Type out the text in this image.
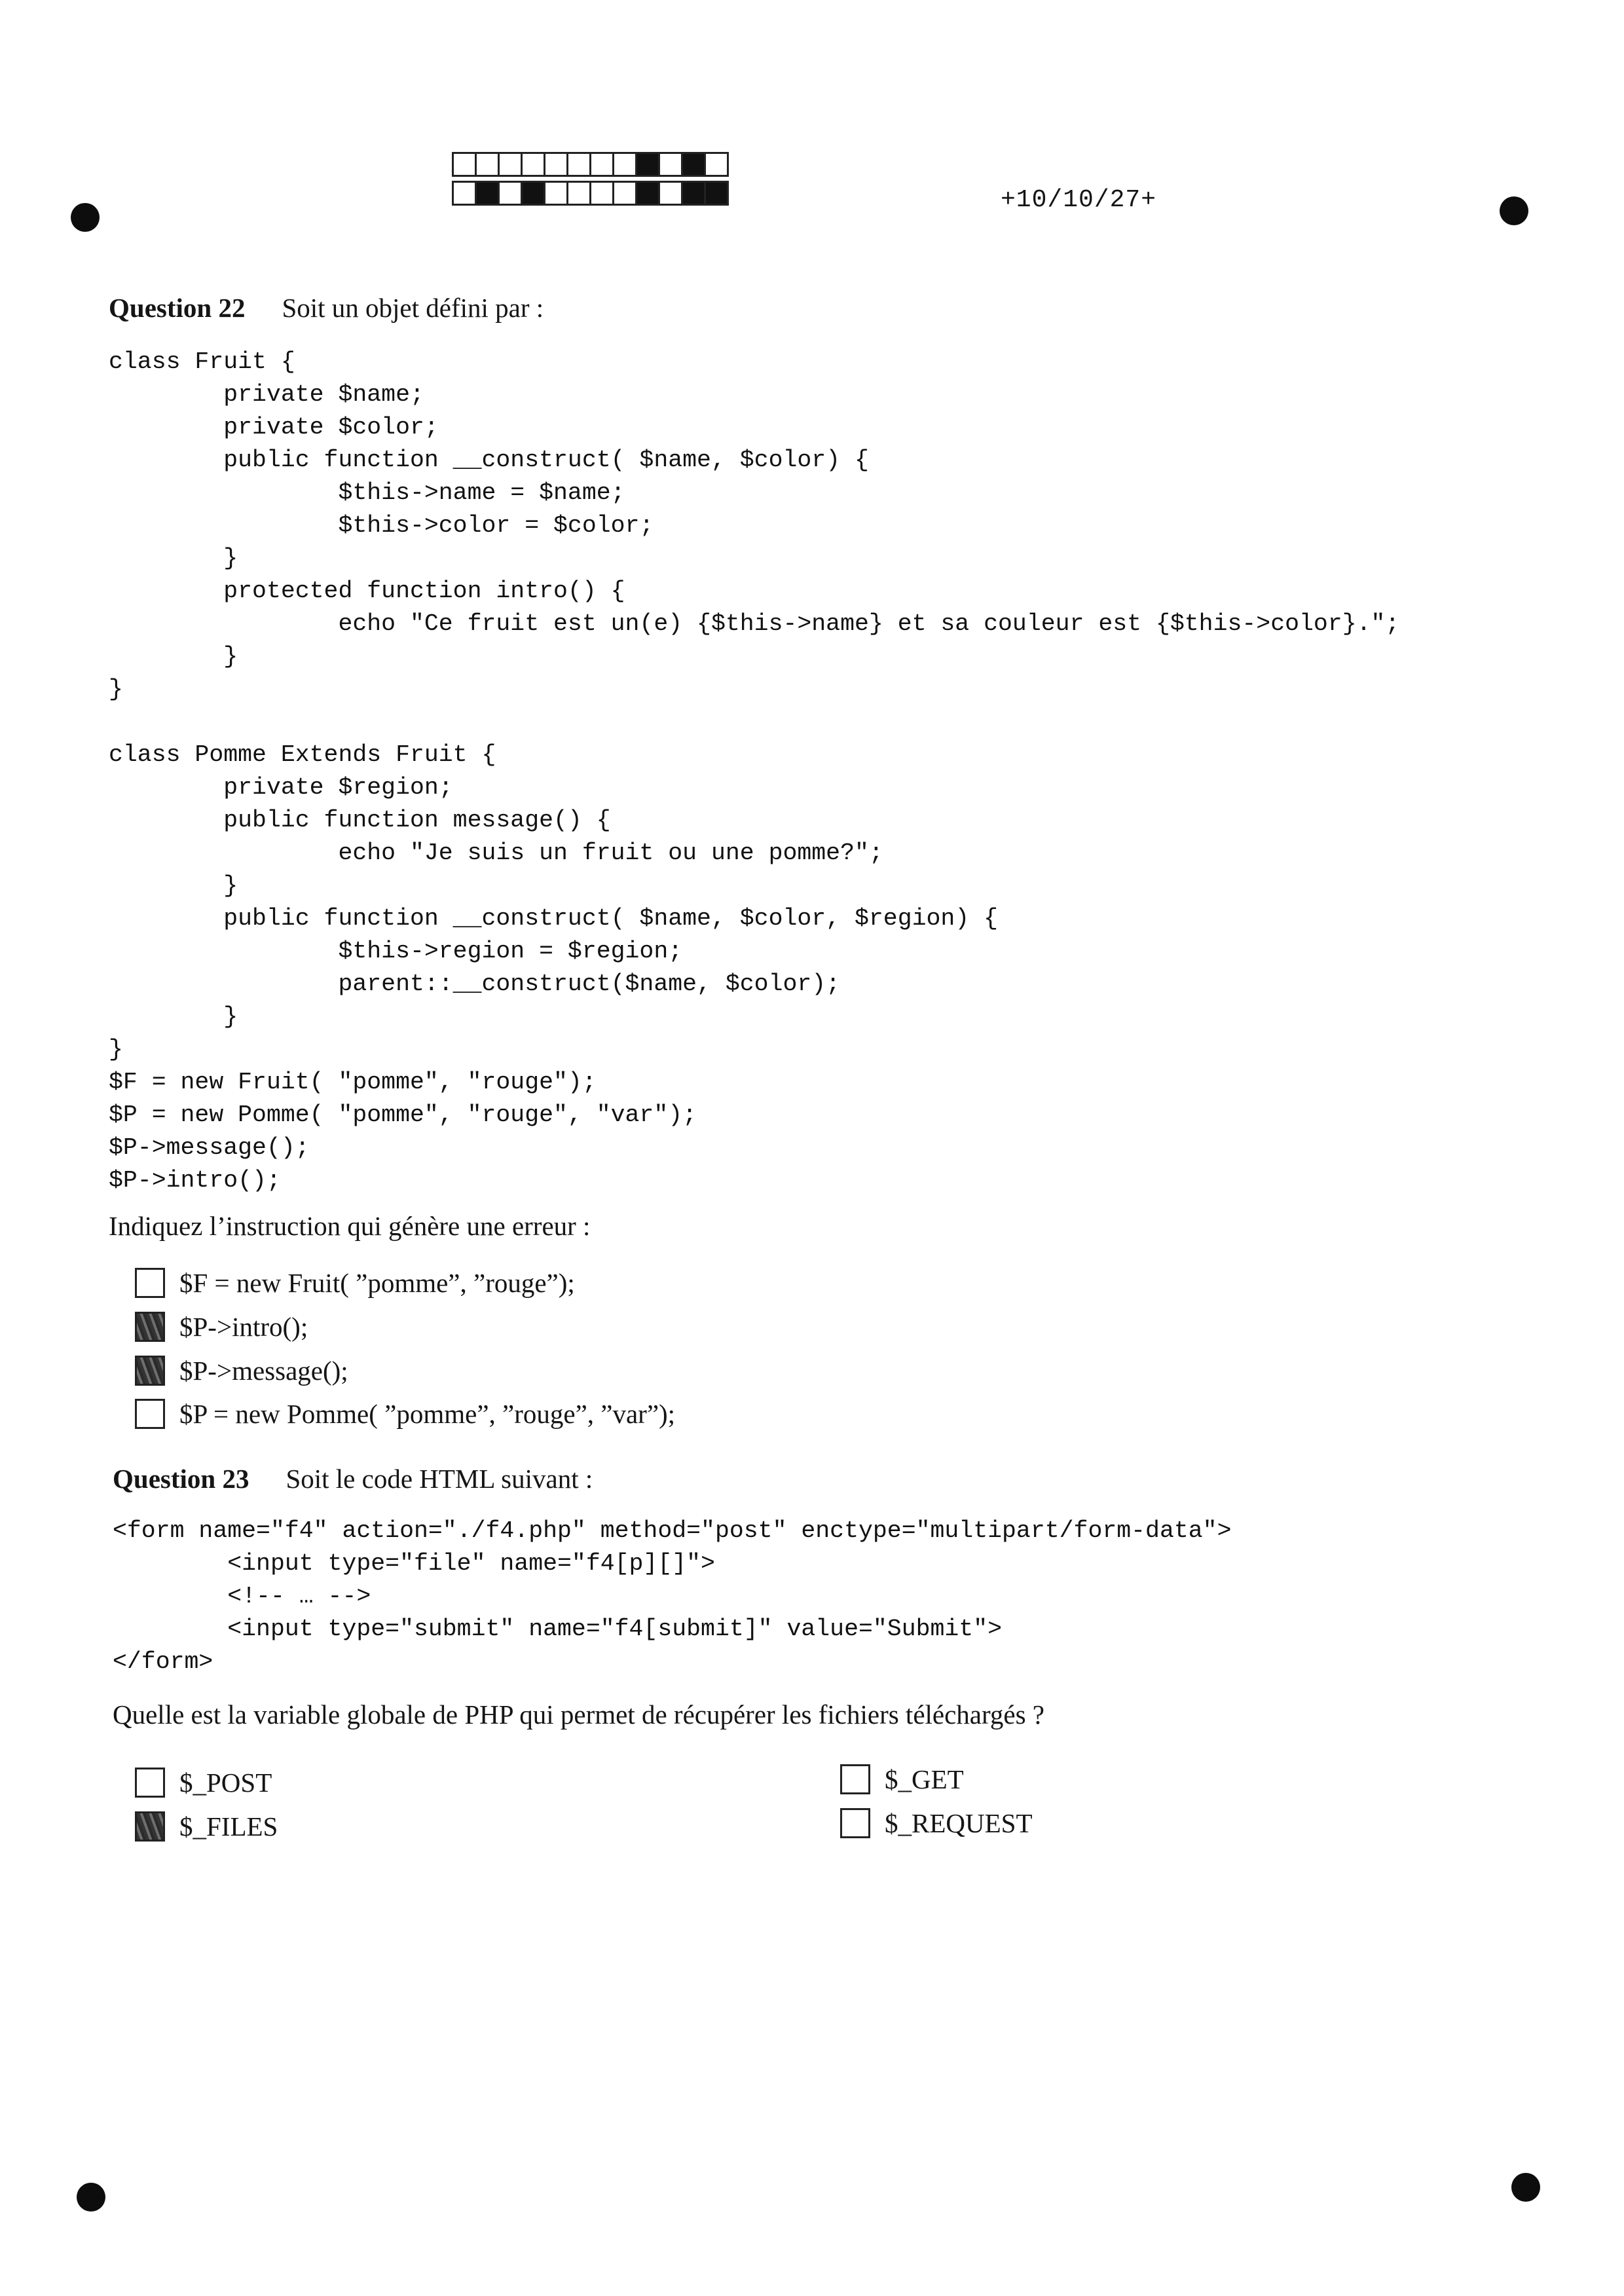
+10/10/27+
Question 22 Soit un objet défini par :
class Fruit {
private $name;
private $color;
public function __construct( $name, $color) {
$this->name = $name;
$this->color = $color;
}
protected function intro() {
echo "Ce fruit est un(e) {$this->name} et sa couleur est {$this->color}.";
}
}

class Pomme Extends Fruit {
private $region;
public function message() {
echo "Je suis un fruit ou une pomme?";
}
public function __construct( $name, $color, $region) {
$this->region = $region;
parent::__construct($name, $color);
}
}
$F = new Fruit( "pomme", "rouge");
$P = new Pomme( "pomme", "rouge", "var");
$P->message();
$P->intro();
Indiquez l’instruction qui génère une erreur :
$F = new Fruit( ”pomme”, ”rouge”);
$P->intro();
$P->message();
$P = new Pomme( ”pomme”, ”rouge”, ”var”);
Question 23 Soit le code HTML suivant :
<form name="f4" action="./f4.php" method="post" enctype="multipart/form-data">
<input type="file" name="f4[p][]">
<!-- … -->
<input type="submit" name="f4[submit]" value="Submit">
</form>
Quelle est la variable globale de PHP qui permet de récupérer les fichiers téléchargés ?
$_POST
$_FILES
$_GET
$_REQUEST
